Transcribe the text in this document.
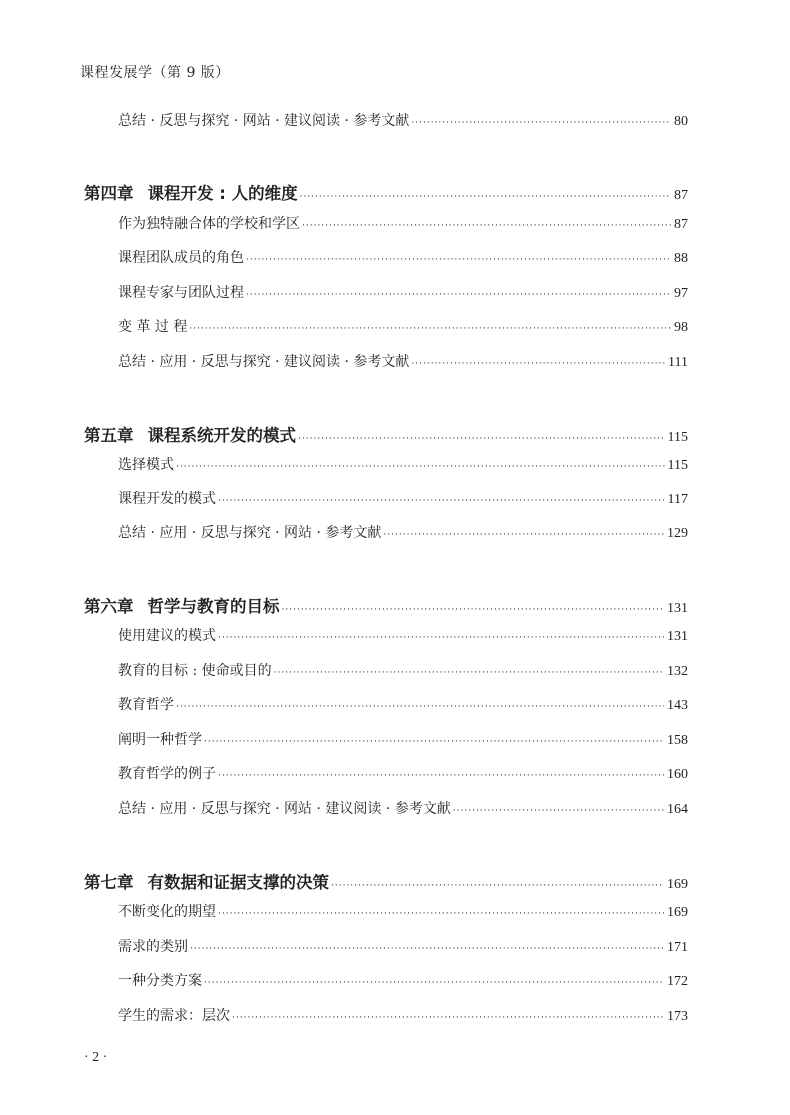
课程发展学（第 9 版）
总结 · 反思与探究 · 网站 · 建议阅读 · 参考文献 ·····	80
第四章 课程开发 : 人的维度 ·····	87
作为独特融合体的学校和学区 ·····	87
课程团队成员的角色 ·····	88
课程专家与团队过程 ·····	97
变 革 过 程 ·····	98
总结 · 应用 · 反思与探究 · 建议阅读 · 参考文献 ·····	111
第五章 课程系统开发的模式 ·····	115
选择模式 ·····	115
课程开发的模式 ·····	117
总结 · 应用 · 反思与探究 · 网站 · 参考文献 ·····	129
第六章 哲学与教育的目标 ·····	131
使用建议的模式 ·····	131
教育的目标 : 使命或目的 ·····	132
教育哲学 ·····	143
阐明一种哲学 ·····	158
教育哲学的例子 ·····	160
总结 · 应用 · 反思与探究 · 网站 · 建议阅读 · 参考文献 ·····	164
第七章 有数据和证据支撑的决策 ·····	169
不断变化的期望 ·····	169
需求的类别 ·····	171
一种分类方案 ·····	172
学生的需求：层次 ·····	173
· 2 ·
